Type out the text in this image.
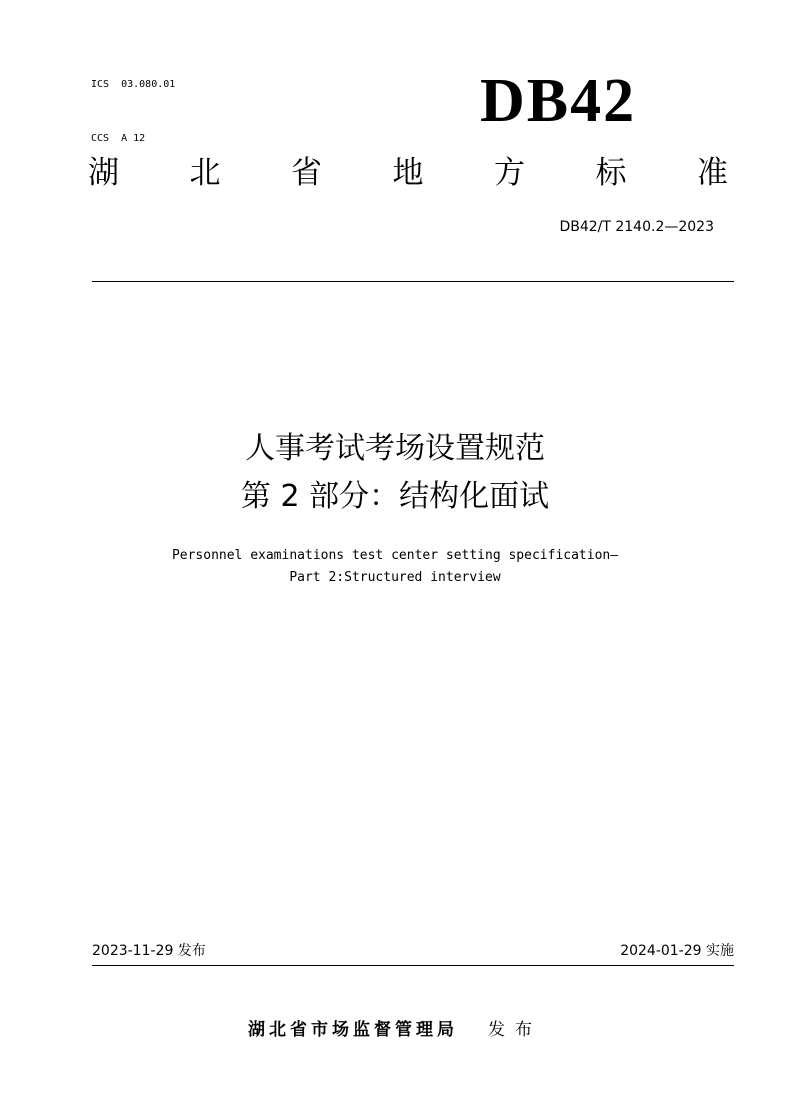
ICS  03.080.01

CCS  A 12

DB42
湖 北 省 地 方 标 准
DB42/T 2140.2—2023
人事考试考场设置规范
第 2 部分：结构化面试
Personnel examinations test center setting specification—
Part 2:Structured interview
2023-11-29 发布	2024-01-29 实施
湖北省市场监督管理局 发布
